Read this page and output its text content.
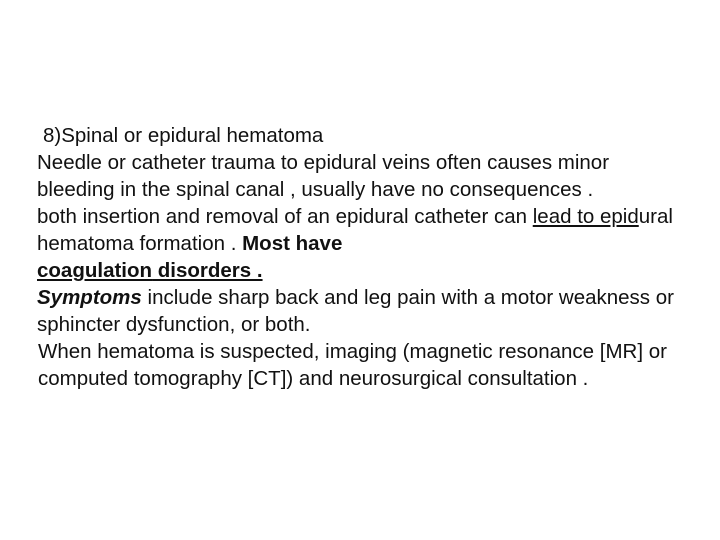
8)Spinal or epidural hematoma

Needle or catheter trauma to epidural veins often causes minor bleeding in the spinal canal , usually have no consequences .

both insertion and removal of an epidural catheter can lead to epidural hematoma formation . Most have
coagulation disorders .

Symptoms include sharp back and leg pain with a motor weakness or sphincter dysfunction, or both.

When hematoma is suspected, imaging (magnetic resonance [MR] or computed tomography [CT]) and neurosurgical consultation .
